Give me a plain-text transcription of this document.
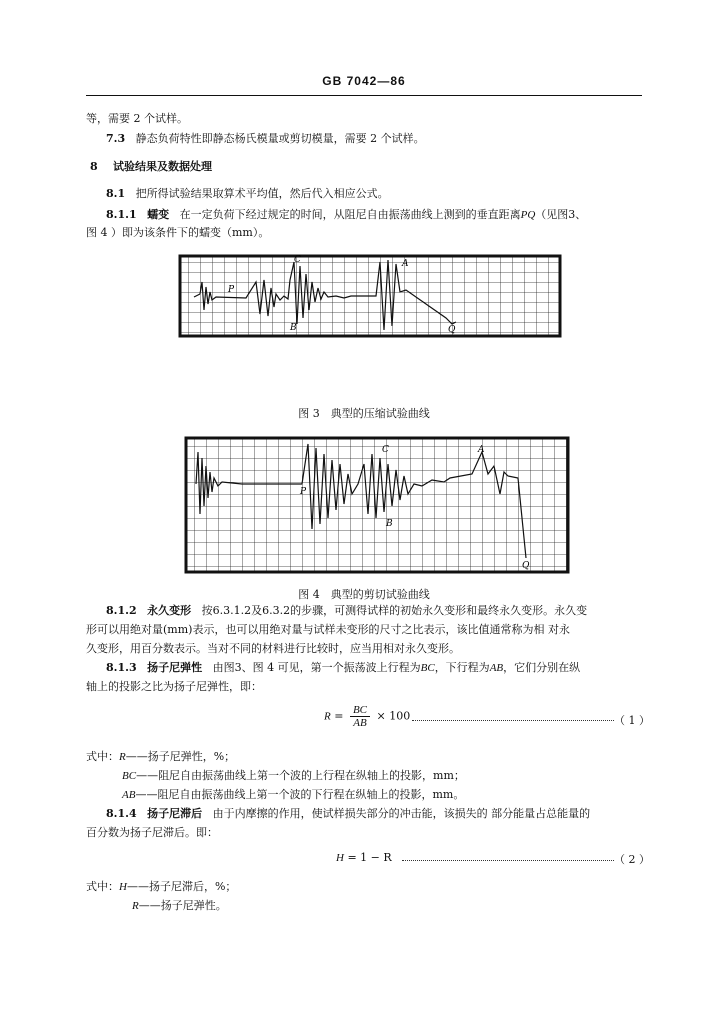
GB 7042—86
等，需要 2 个试样。
7.3 静态负荷特性即静态杨氏模量或剪切模量，需要 2 个试样。
8 试验结果及数据处理
8.1 把所得试验结果取算术平均值，然后代入相应公式。
8.1.1 蠕变 在一定负荷下经过规定的时间，从阻尼自由振荡曲线上测到的垂直距离PQ（见图3、
图 4 ）即为该条件下的蠕变（mm）。
P
C
B
A
Q
图 3　典型的压缩试验曲线
P
C
B
A
Q
图 4　典型的剪切试验曲线
8.1.2 永久变形 按6.3.1.2及6.3.2的步骤，可测得试样的初始永久变形和最终永久变形。永久变
形可以用绝对量(mm)表示，也可以用绝对量与试样未变形的尺寸之比表示，该比值通常称为相 对永
久变形，用百分数表示。当对不同的材料进行比较时，应当用相对永久变形。
8.1.3 扬子尼弹性 由图3、图 4 可见，第一个振荡波上行程为BC，下行程为AB，它们分别在纵
轴上的投影之比为扬子尼弹性，即：
$R = \frac{BC}{AB} \times 100$	（ 1 ）
式中：R——扬子尼弹性，%；
BC——阻尼自由振荡曲线上第一个波的上行程在纵轴上的投影，mm；
AB——阻尼自由振荡曲线上第一个波的下行程在纵轴上的投影，mm。
8.1.4 扬子尼滞后 由于内摩擦的作用，使试样损失部分的冲击能，该损失的 部分能量占总能量的
百分数为扬子尼滞后。即：
H = 1 − R	（ 2 ）
式中：H——扬子尼滞后，%；
R——扬子尼弹性。
